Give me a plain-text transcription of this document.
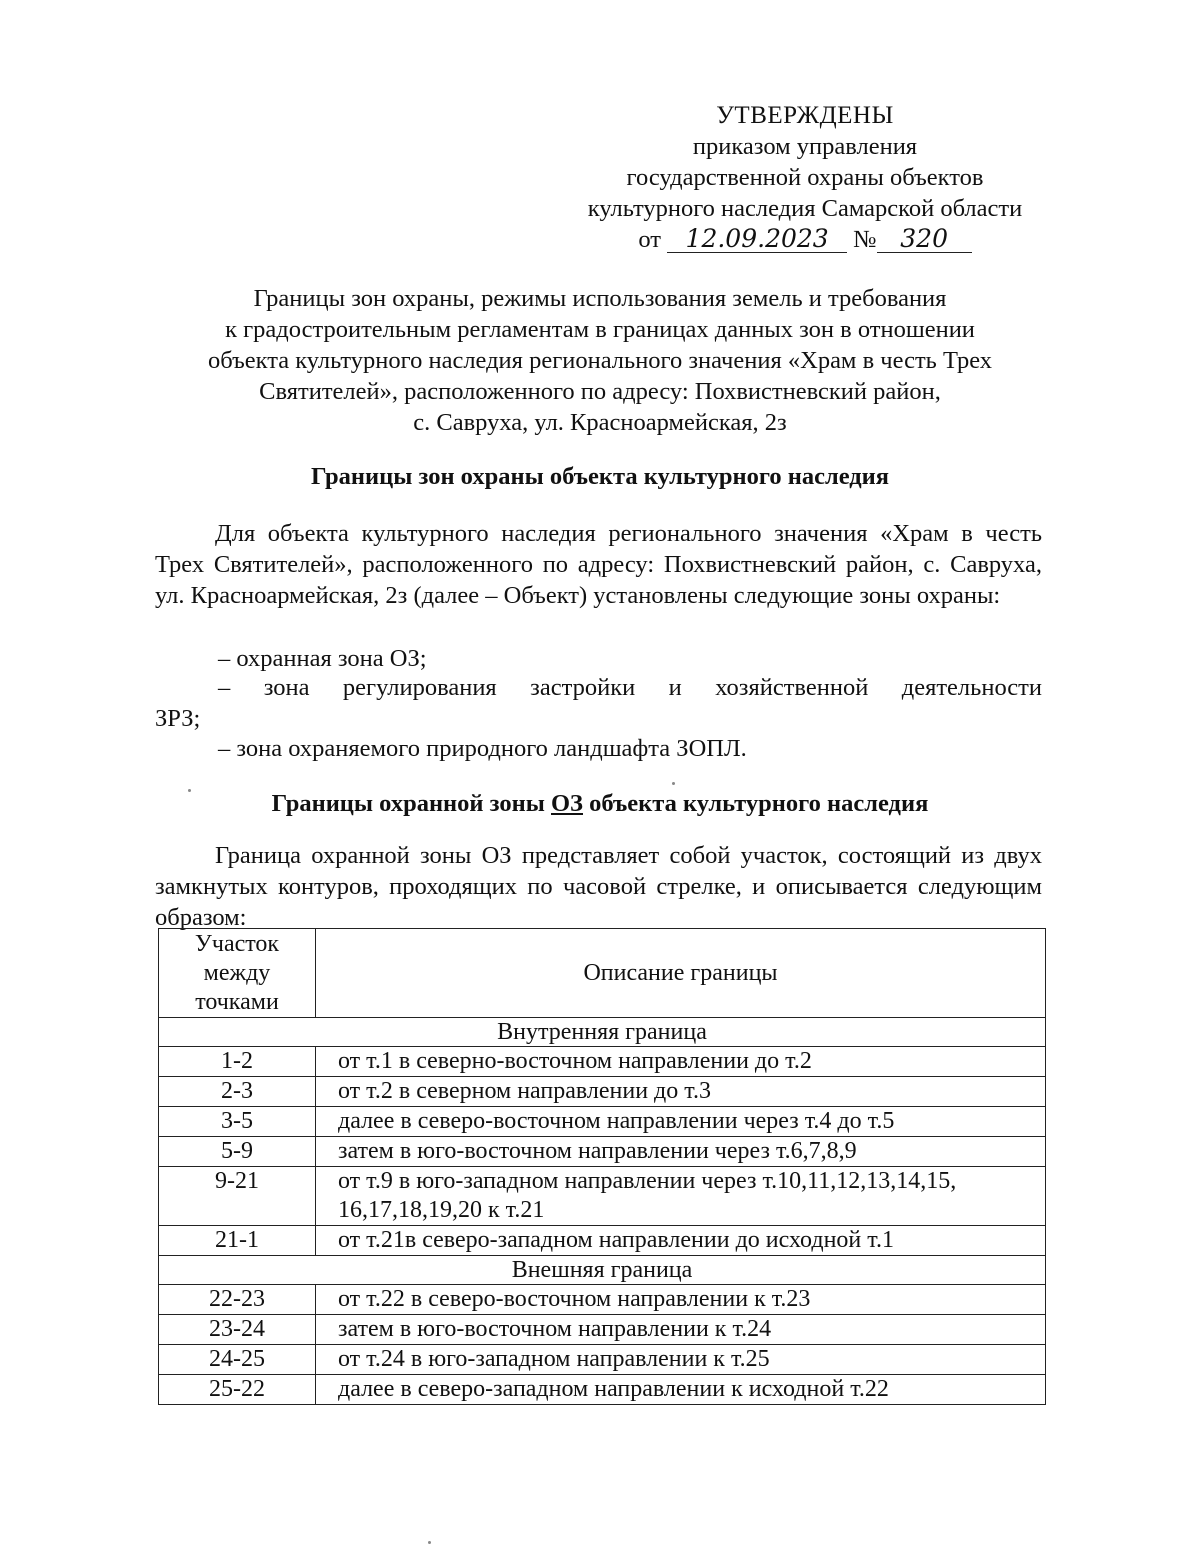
УТВЕРЖДЕНЫ
приказом управления
государственной охраны объектов
культурного наследия Самарской области
от 12.09.2023 № 320
Границы зон охраны, режимы использования земель и требования
к градостроительным регламентам в границах данных зон в отношении
объекта культурного наследия регионального значения «Храм в честь Трех
Святителей», расположенного по адресу: Похвистневский район,
с. Савруха, ул. Красноармейская, 2з
Границы зон охраны объекта культурного наследия
Для объекта культурного наследия регионального значения «Храм в честь Трех Святителей», расположенного по адресу: Похвистневский район, с. Савруха, ул. Красноармейская, 2з (далее – Объект) установлены следующие зоны охраны:
– охранная зона ОЗ;
– зона регулирования застройки и хозяйственной деятельности
ЗРЗ;
– зона охраняемого природного ландшафта ЗОПЛ.
Границы охранной зоны ОЗ объекта культурного наследия
Граница охранной зоны ОЗ представляет собой участок, состоящий из двух замкнутых контуров, проходящих по часовой стрелке, и описывается следующим образом:
Участок
между
точками	Описание границы
Внутренняя граница	
1-2	от т.1 в северно-восточном направлении до т.2
2-3	от т.2 в северном направлении до т.3
3-5	далее в северо-восточном направлении через т.4 до т.5
5-9	затем в юго-восточном направлении через т.6,7,8,9
9-21	от т.9 в юго-западном направлении через т.10,11,12,13,14,15, 16,17,18,19,20 к т.21
21-1	от т.21в северо-западном направлении до исходной т.1
Внешняя граница	
22-23	от т.22 в северо-восточном направлении к т.23
23-24	затем в юго-восточном направлении к т.24
24-25	от т.24 в юго-западном направлении к т.25
25-22	далее в северо-западном направлении к исходной т.22
